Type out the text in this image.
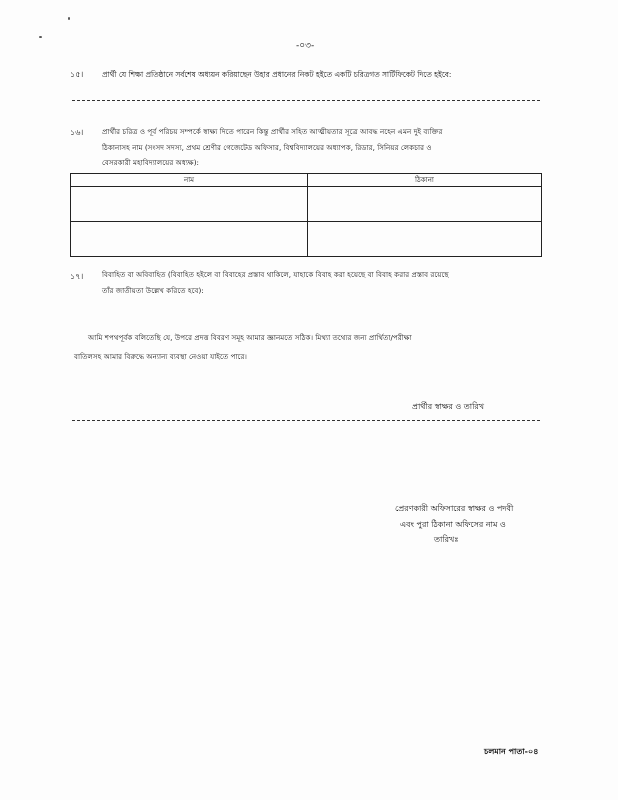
-০৩-
১৫।	প্রার্থী যে শিক্ষা প্রতিষ্ঠানে সর্বশেষ অধ্যয়ন করিয়াছেন উহার প্রধানের নিকট হইতে একটি চরিত্রগত সার্টিফিকেট দিতে হইবে:
১৬।	প্রার্থীর চরিত্র ও পূর্ব পরিচয় সম্পর্কে স্বাক্ষ্য দিতে পারেন কিন্তু প্রার্থীর সহিত আত্মীয়তার সূত্রে আবদ্ধ নহেন এমন দুই ব্যক্তির
ঠিকানাসহ নাম (সংসদ সদস্য, প্রথম শ্রেণীর গেজেটেড অফিসার, বিশ্ববিদ্যালয়ের অধ্যাপক, রিডার, সিনিয়র লেকচার ও
বেসরকারী মহাবিদ্যালয়ের অধ্যক্ষ):
নাম	ঠিকানা

১৭।	বিবাহিত বা অবিবাহিত (বিবাহিত হইলে বা বিবাহের প্রস্তাব থাকিলে, যাহাকে বিবাহ করা হয়েছে বা বিবাহ করার প্রস্তাব রয়েছে
তাঁর জাতীয়তা উল্লেখ করিতে হবে):
আমি শপথপূর্বক বলিতেছি যে, উপরে প্রদত্ত বিবরণ সমূহ আমার জ্ঞানমতে সঠিক। মিথ্যা তথ্যের জন্য প্রার্থিতা/পরীক্ষা
বাতিলসহ আমার বিরুদ্ধে অন্যান্য ব্যবস্থা নেওয়া যাইতে পারে।
প্রার্থীর স্বাক্ষর ও তারিখ
প্রেরণকারী অফিসারের স্বাক্ষর ও পদবী
এবং পুরা ঠিকানা অফিসের নাম ও
তারিখঃ
চলমান পাতা-০৪
